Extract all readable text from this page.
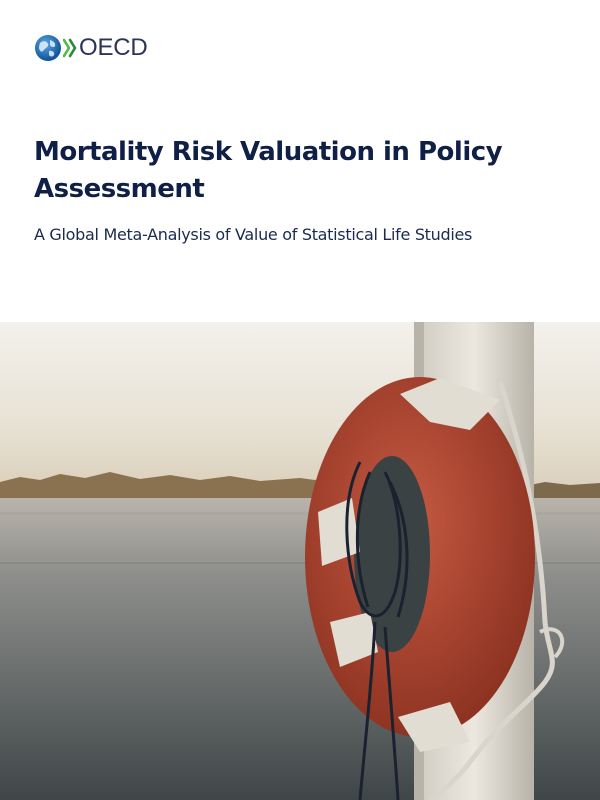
OECD
Mortality Risk Valuation in Policy Assessment

A Global Meta-Analysis of Value of Statistical Life Studies
